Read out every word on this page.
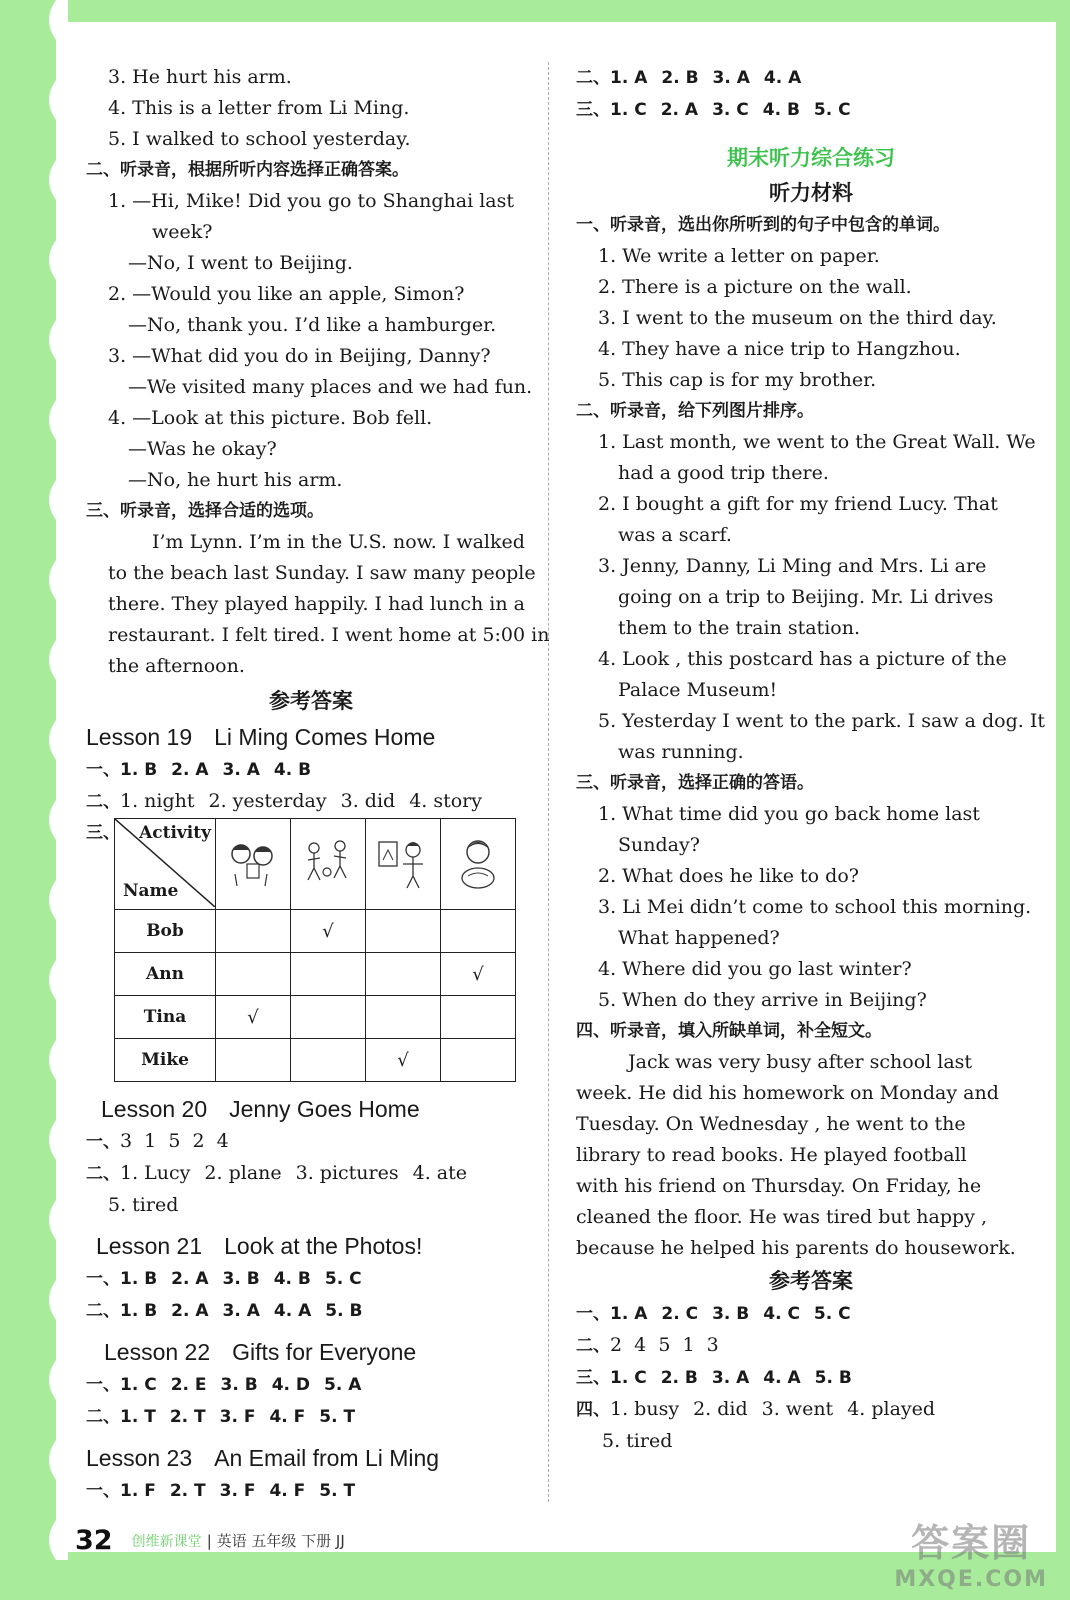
3. He hurt his arm.
4. This is a letter from Li Ming.
5. I walked to school yesterday.
二、听录音，根据所听内容选择正确答案。
1. —Hi, Mike! Did you go to Shanghai last
week?
—No, I went to Beijing.
2. —Would you like an apple, Simon?
—No, thank you. I’d like a hamburger.
3. —What did you do in Beijing, Danny?
—We visited many places and we had fun.
4. —Look at this picture. Bob fell.
—Was he okay?
—No, he hurt his arm.
三、听录音，选择合适的选项。
I’m Lynn. I’m in the U.S. now. I walked
to the beach last Sunday. I saw many people
there. They played happily. I had lunch in a
restaurant. I felt tired. I went home at 5:00 in
the afternoon.
参考答案
Lesson 19 Li Ming Comes Home
一、1. B 2. A 3. A 4. B
二、1. night 2. yesterday 3. did 4. story
三、 Activity
Name

Bob		√		
Ann				√
Tina	√			
Mike			√	
Lesson 20 Jenny Goes Home
一、3  1  5  2  4
二、1. Lucy 2. plane 3. pictures 4. ate
5. tired
Lesson 21 Look at the Photos!
一、1. B 2. A 3. B 4. B 5. C
二、1. B 2. A 3. A 4. A 5. B
Lesson 22 Gifts for Everyone
一、1. C 2. E 3. B 4. D 5. A
二、1. T 2. T 3. F 4. F 5. T
Lesson 23 An Email from Li Ming
一、1. F 2. T 3. F 4. F 5. T
二、1. A 2. B 3. A 4. A
三、1. C 2. A 3. C 4. B 5. C
期末听力综合练习
听力材料
一、听录音，选出你所听到的句子中包含的单词。
1. We write a letter on paper.
2. There is a picture on the wall.
3. I went to the museum on the third day.
4. They have a nice trip to Hangzhou.
5. This cap is for my brother.
二、听录音，给下列图片排序。
1. Last month, we went to the Great Wall. We
had a good trip there.
2. I bought a gift for my friend Lucy. That
was a scarf.
3. Jenny, Danny, Li Ming and Mrs. Li are
going on a trip to Beijing. Mr. Li drives
them to the train station.
4. Look , this postcard has a picture of the
Palace Museum!
5. Yesterday I went to the park. I saw a dog. It
was running.
三、听录音，选择正确的答语。
1. What time did you go back home last
Sunday?
2. What does he like to do?
3. Li Mei didn’t come to school this morning.
What happened?
4. Where did you go last winter?
5. When do they arrive in Beijing?
四、听录音，填入所缺单词，补全短文。
Jack was very busy after school last
week. He did his homework on Monday and
Tuesday. On Wednesday , he went to the
library to read books. He played football
with his friend on Thursday. On Friday, he
cleaned the floor. He was tired but happy ,
because he helped his parents do housework.
参考答案
一、1. A 2. C 3. B 4. C 5. C
二、2  4  5  1  3
三、1. C 2. B 3. A 4. A 5. B
四、1. busy 2. did 3. went 4. played
5. tired
32 创维新课堂 | 英语 五年级 下册 JJ	答案圈
MXQE.COM
